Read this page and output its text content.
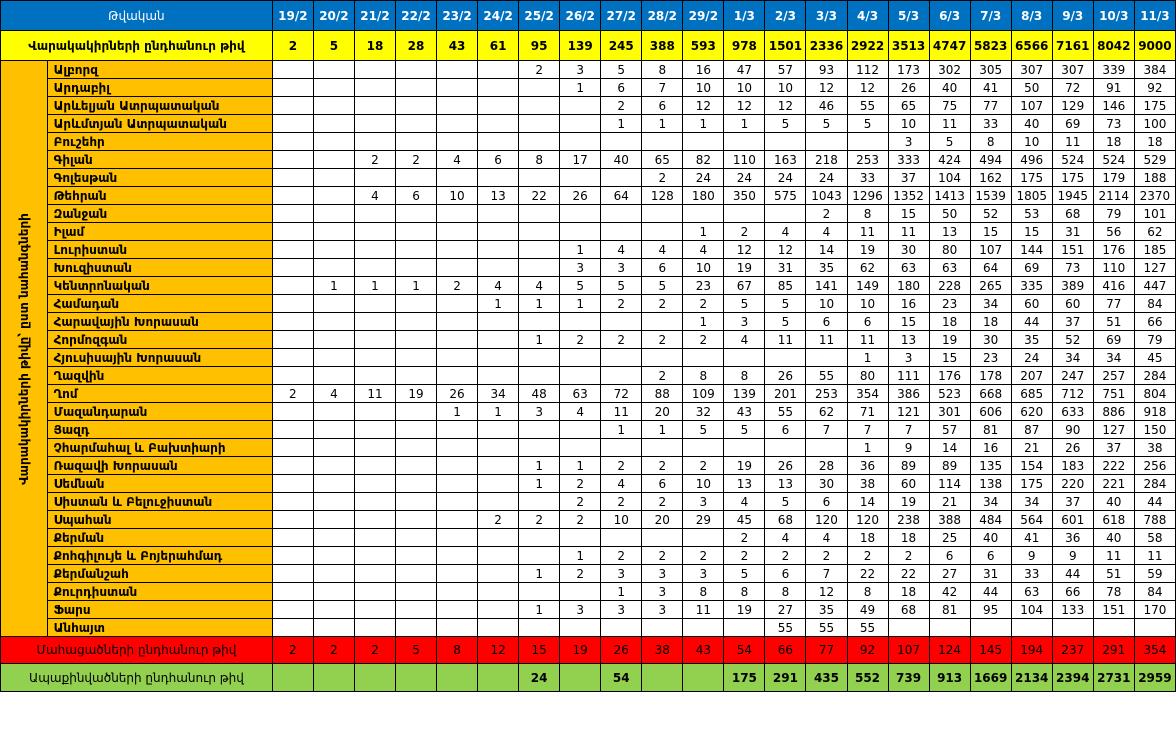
Թվական		19/2	20/2	21/2	22/2	23/2	24/2	25/2	26/2	27/2	28/2	29/2	1/3	2/3	3/3	4/3	5/3	6/3	7/3	8/3	9/3	10/3	11/3
Վարակակիրների ընդհանուր թիվ		2	5	18	28	43	61	95	139	245	388	593	978	1501	2336	2922	3513	4747	5823	6566	7161	8042	9000

Վարակակիրների թիվը՝ ըստ նահանգների	Ալբորզ							2	3	5	8	16	47	57	93	112	173	302	305	307	307	339	384
	Արդաբիլ								1	6	7	10	10	10	12	12	26	40	41	50	72	91	92
	Արևելյան Ատրպատական									2	6	12	12	12	46	55	65	75	77	107	129	146	175
	Արևմտյան Ատրպատական									1	1	1	1	5	5	5	10	11	33	40	69	73	100
	Բուշեհր																3	5	8	10	11	18	18
	Գիլան			2	2	4	6	8	17	40	65	82	110	163	218	253	333	424	494	496	524	524	529
	Գոլեսթան										2	24	24	24	24	33	37	104	162	175	175	179	188
	Թեհրան			4	6	10	13	22	26	64	128	180	350	575	1043	1296	1352	1413	1539	1805	1945	2114	2370
	Զանջան														2	8	15	50	52	53	68	79	101
	Իլամ											1	2	4	4	11	11	13	15	15	31	56	62
	Լուրիստան								1	4	4	4	12	12	14	19	30	80	107	144	151	176	185
	Խուզիստան								3	3	6	10	19	31	35	62	63	63	64	69	73	110	127
	Կենտրոնական		1	1	1	2	4	4	5	5	5	23	67	85	141	149	180	228	265	335	389	416	447
	Համադան						1	1	1	2	2	2	5	5	10	10	16	23	34	60	60	77	84
	Հարավային Խորասան											1	3	5	6	6	15	18	18	44	37	51	66
	Հորմոզգան							1	2	2	2	2	4	11	11	11	13	19	30	35	52	69	79
	Հյուսիսային Խորասան															1	3	15	23	24	34	34	45
	Ղազվին										2	8	8	26	55	80	111	176	178	207	247	257	284
	Ղոմ	2	4	11	19	26	34	48	63	72	88	109	139	201	253	354	386	523	668	685	712	751	804
	Մազանդարան					1	1	3	4	11	20	32	43	55	62	71	121	301	606	620	633	886	918
	Յազդ									1	1	5	5	6	7	7	7	57	81	87	90	127	150
	Չհարմահալ և Բախտիարի															1	9	14	16	21	26	37	38
	Ռազավի Խորասան							1	1	2	2	2	19	26	28	36	89	89	135	154	183	222	256
	Սեմնան							1	2	4	6	10	13	13	30	38	60	114	138	175	220	221	284
	Սիստան և Բելուջիստան								2	2	2	3	4	5	6	14	19	21	34	34	37	40	44
	Սպահան						2	2	2	10	20	29	45	68	120	120	238	388	484	564	601	618	788
	Քերման												2	4	4	18	18	25	40	41	36	40	58
	Քոհգիլույե և Բոյերահմադ								1	2	2	2	2	2	2	2	2	6	6	9	9	11	11
	Քերմանշահ							1	2	3	3	3	5	6	7	22	22	27	31	33	44	51	59
	Քուրդիստան									1	3	8	8	8	12	8	18	42	44	63	66	78	84
	Ֆարս							1	3	3	3	11	19	27	35	49	68	81	95	104	133	151	170
	Անհայտ													55	55	55							
Մահացածների ընդհանուր թիվ		2	2	2	5	8	12	15	19	26	38	43	54	66	77	92	107	124	145	194	237	291	354
Ապաքինվածների ընդհանուր թիվ								24		54			175	291	435	552	739	913	1669	2134	2394	2731	2959
